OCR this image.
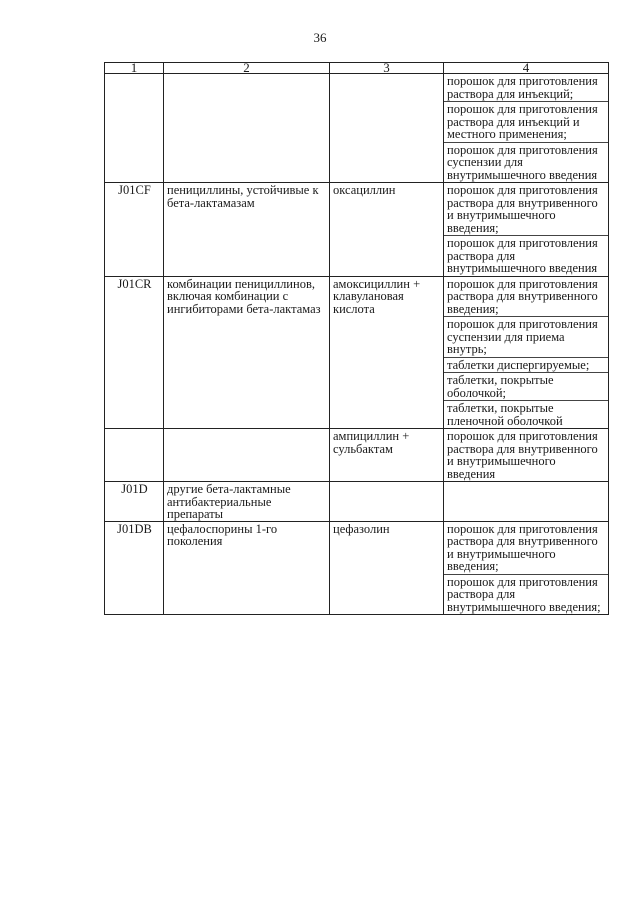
36
1	2	3	4

			порошок для приготовления раствора для инъекций;
порошок для приготовления раствора для инъекций и местного применения;
порошок для приготовления суспензии для внутримышечного введения

J01CF	пенициллины, устойчивые к бета-лактамазам	оксациллин	порошок для приготовления раствора для внутривенного и внутримышечного введения;
порошок для приготовления раствора для внутримышечного введения

J01CR	комбинации пенициллинов, включая комбинации с ингибиторами бета-лактамаз	амоксициллин + клавулановая кислота	порошок для приготовления раствора для внутривенного введения;
порошок для приготовления суспензии для приема внутрь;
таблетки диспергируемые;
таблетки, покрытые оболочкой;
таблетки, покрытые пленочной оболочкой

		ампициллин + сульбактам	порошок для приготовления раствора для внутривенного и внутримышечного введения

J01D	другие бета-лактамные антибактериальные препараты		

J01DB	цефалоспорины 1-го поколения	цефазолин	порошок для приготовления раствора для внутривенного и внутримышечного введения;
порошок для приготовления раствора для внутримышечного введения;
